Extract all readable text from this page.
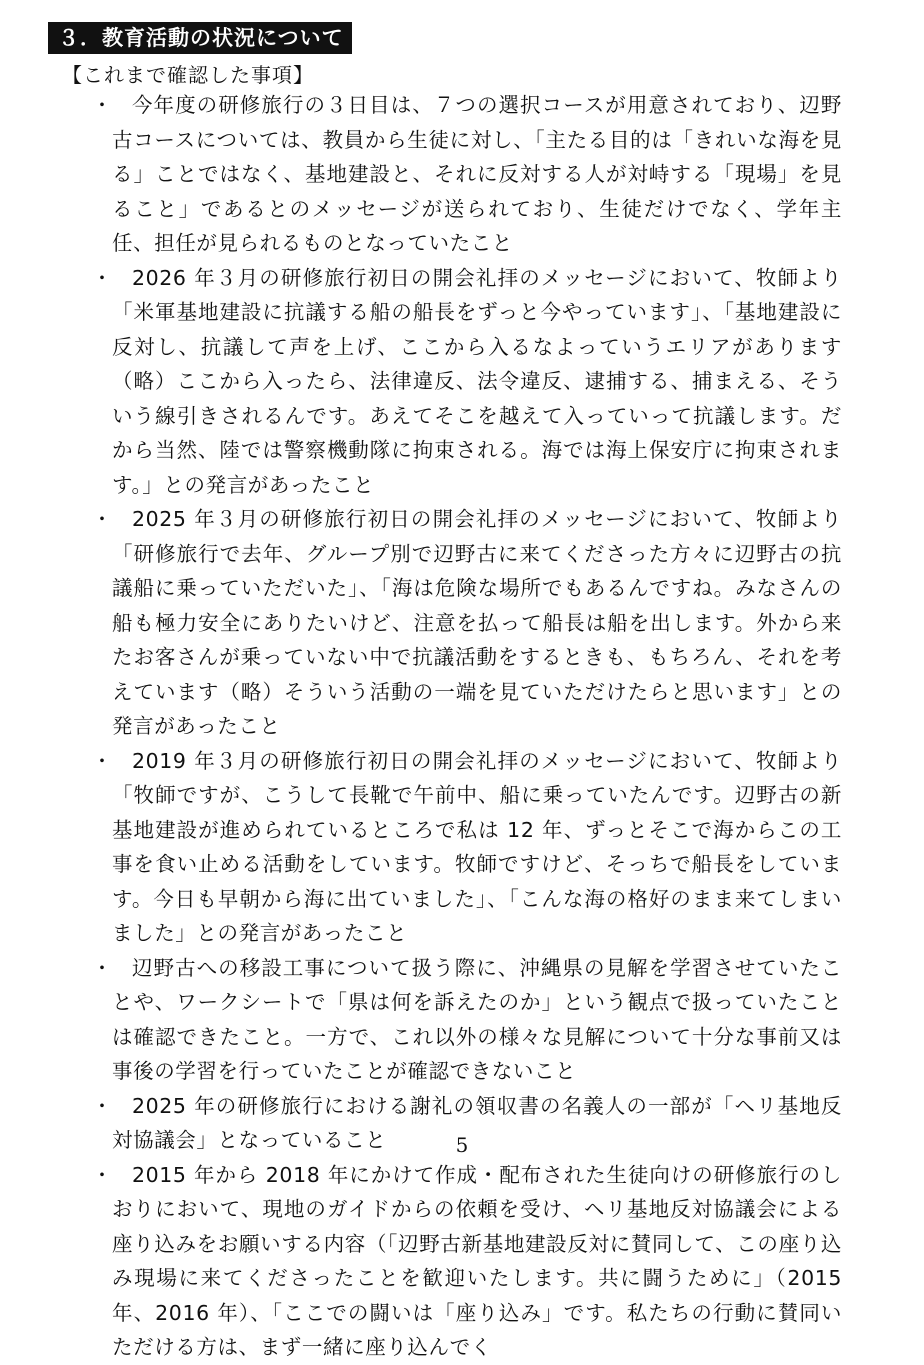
３．教育活動の状況について
【これまで確認した事項】
・ 今年度の研修旅行の３日目は、７つの選択コースが用意されており、辺野古コースについては、教員から生徒に対し、「主たる目的は「きれいな海を見る」ことではなく、基地建設と、それに反対する人が対峙する「現場」を見ること」であるとのメッセージが送られており、生徒だけでなく、学年主任、担任が見られるものとなっていたこと
・ 2026 年３月の研修旅行初日の開会礼拝のメッセージにおいて、牧師より「米軍基地建設に抗議する船の船長をずっと今やっています」、「基地建設に反対し、抗議して声を上げ、ここから入るなよっていうエリアがあります（略）ここから入ったら、法律違反、法令違反、逮捕する、捕まえる、そういう線引きされるんです。あえてそこを越えて入っていって抗議します。だから当然、陸では警察機動隊に拘束される。海では海上保安庁に拘束されます。」との発言があったこと
・ 2025 年３月の研修旅行初日の開会礼拝のメッセージにおいて、牧師より「研修旅行で去年、グループ別で辺野古に来てくださった方々に辺野古の抗議船に乗っていただいた」、「海は危険な場所でもあるんですね。みなさんの船も極力安全にありたいけど、注意を払って船長は船を出します。外から来たお客さんが乗っていない中で抗議活動をするときも、もちろん、それを考えています（略）そういう活動の一端を見ていただけたらと思います」との発言があったこと
・ 2019 年３月の研修旅行初日の開会礼拝のメッセージにおいて、牧師より「牧師ですが、こうして長靴で午前中、船に乗っていたんです。辺野古の新基地建設が進められているところで私は 12 年、ずっとそこで海からこの工事を食い止める活動をしています。牧師ですけど、そっちで船長をしています。今日も早朝から海に出ていました」、「こんな海の格好のまま来てしまいました」との発言があったこと
・ 辺野古への移設工事について扱う際に、沖縄県の見解を学習させていたことや、ワークシートで「県は何を訴えたのか」という観点で扱っていたことは確認できたこと。一方で、これ以外の様々な見解について十分な事前又は事後の学習を行っていたことが確認できないこと
・ 2025 年の研修旅行における謝礼の領収書の名義人の一部が「ヘリ基地反対協議会」となっていること
・ 2015 年から 2018 年にかけて作成・配布された生徒向けの研修旅行のしおりにおいて、現地のガイドからの依頼を受け、ヘリ基地反対協議会による座り込みをお願いする内容（「辺野古新基地建設反対に賛同して、この座り込み現場に来てくださったことを歓迎いたします。共に闘うために」（2015 年、2016 年）、「ここでの闘いは「座り込み」です。私たちの行動に賛同いただける方は、まず一緒に座り込んでく
5
